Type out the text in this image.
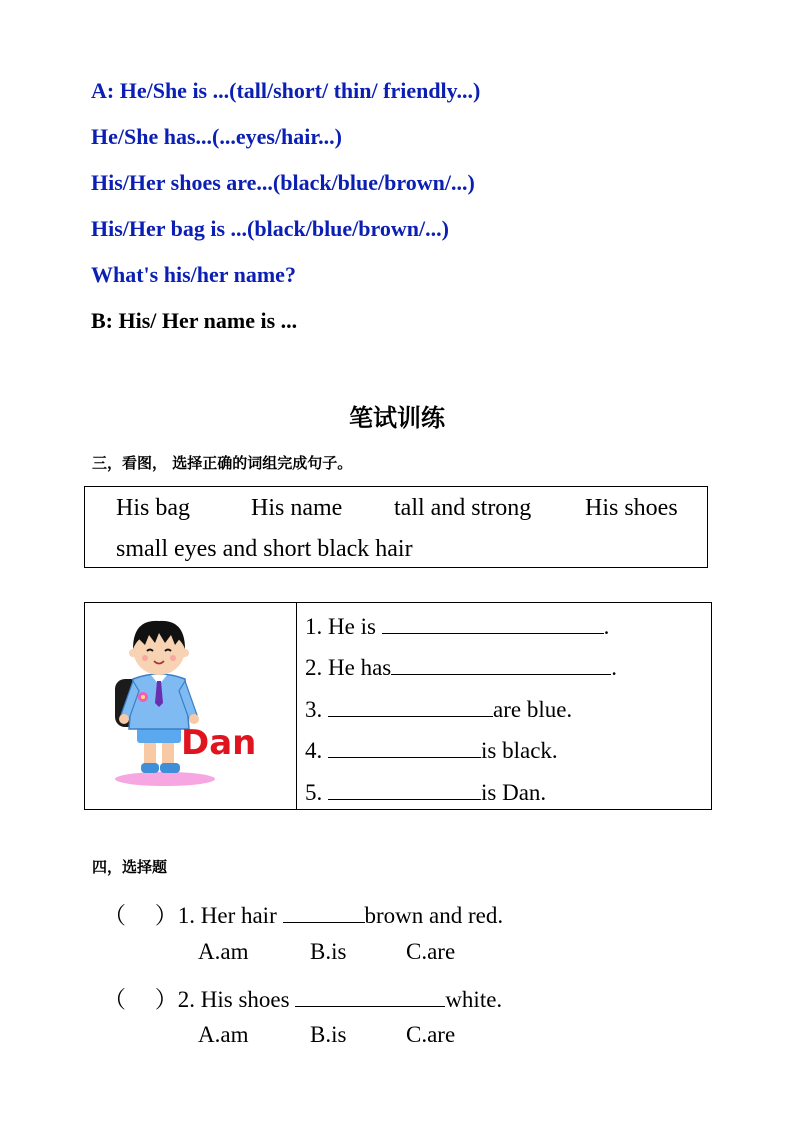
A: He/She is ...(tall/short/ thin/ friendly...)
He/She has...(...eyes/hair...)
His/Her shoes are...(black/blue/brown/...)
His/Her bag is ...(black/blue/brown/...)
What's his/her name?
B: His/ Her name is ...
笔试训练
三，看图， 选择正确的词组完成句子。
His bag	His name tall and strong His shoes
small eyes and short black hair
Dan
1. He is	.
2. He has	.
3.	are blue.
4.	is black.
5.	is Dan.
四，选择题
（　 ）1. Her hair	brown and red.
A.am	B.is	C.are
（　 ）2. His shoes	white.
A.am	B.is	C.are
